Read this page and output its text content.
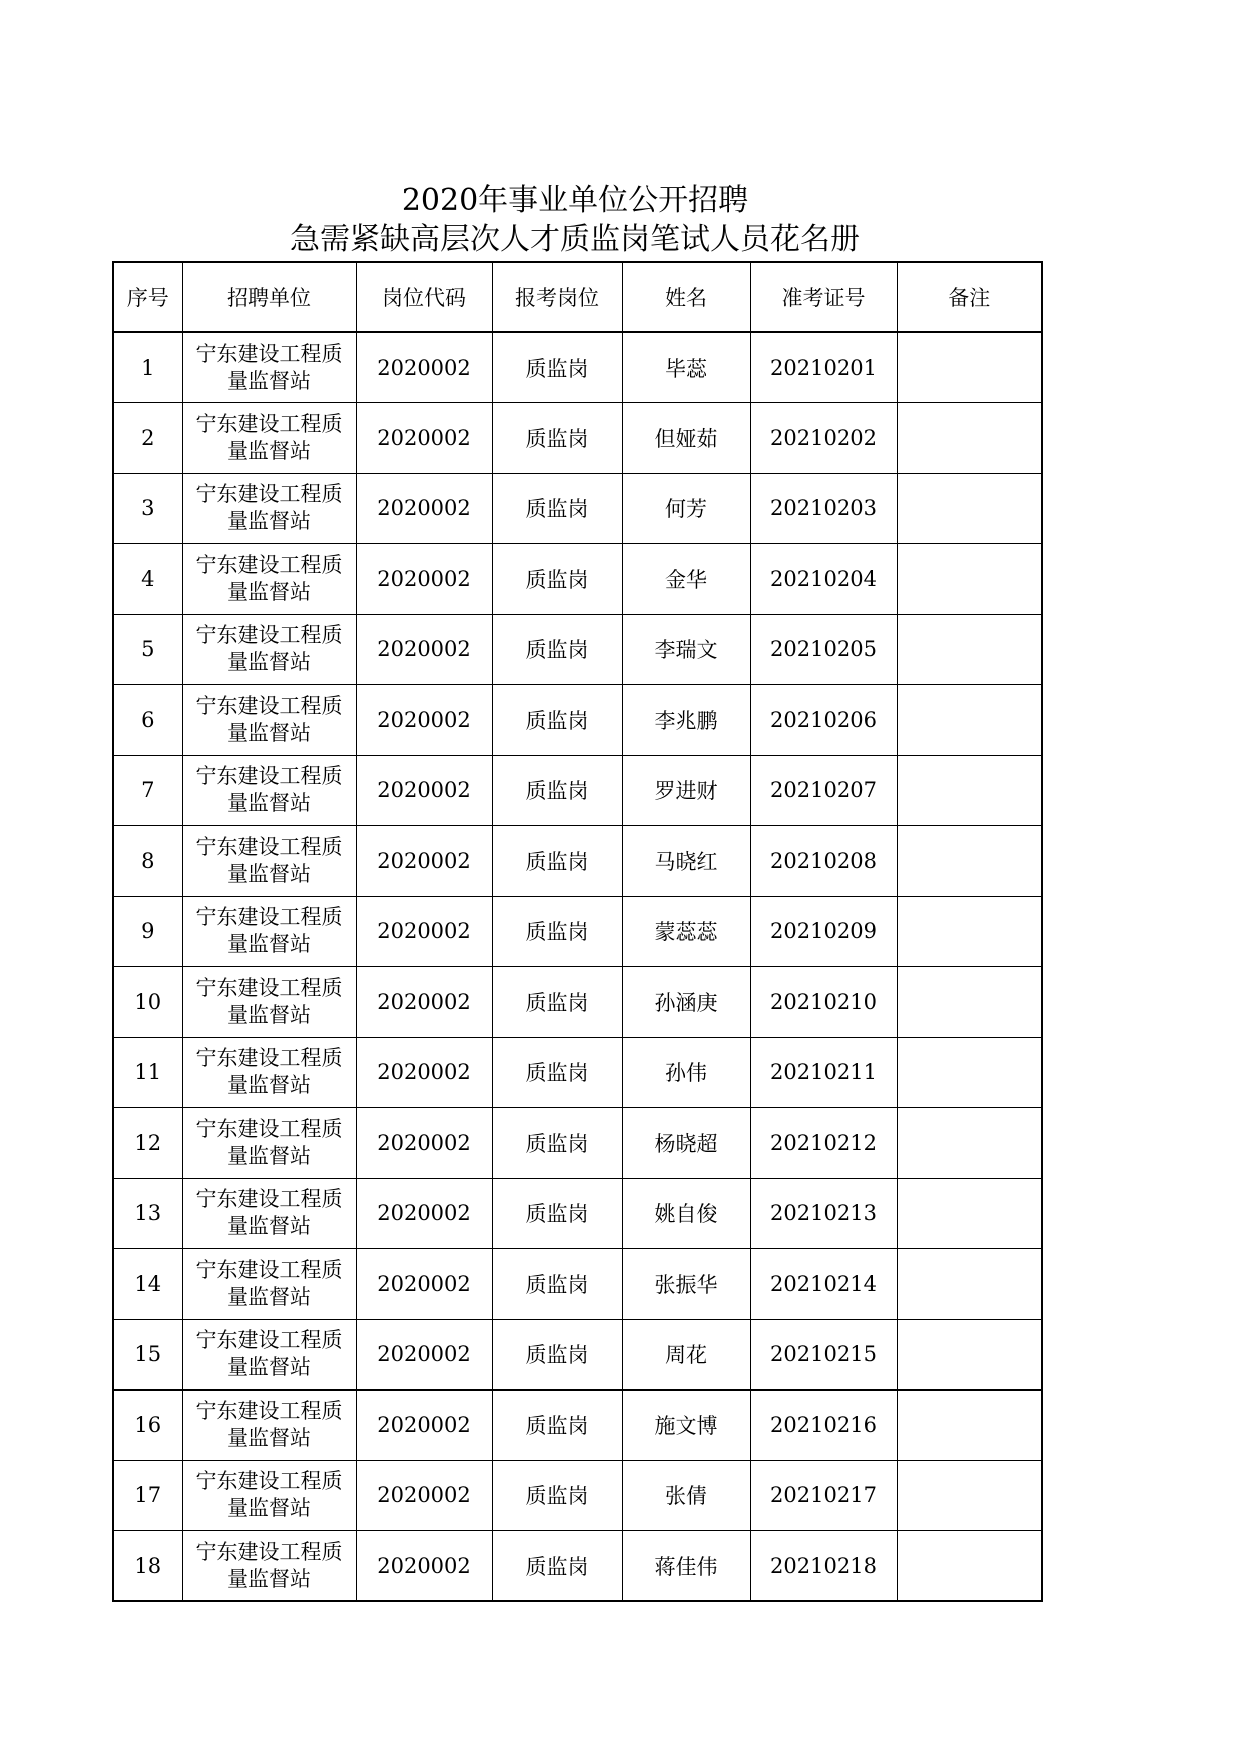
2020年事业单位公开招聘
急需紧缺高层次人才质监岗笔试人员花名册
序号	招聘单位	岗位代码	报考岗位	姓名	准考证号	备注
1	宁东建设工程质
量监督站	2020002	质监岗	毕蕊	20210201	
2	宁东建设工程质
量监督站	2020002	质监岗	但娅茹	20210202	
3	宁东建设工程质
量监督站	2020002	质监岗	何芳	20210203	
4	宁东建设工程质
量监督站	2020002	质监岗	金华	20210204	
5	宁东建设工程质
量监督站	2020002	质监岗	李瑞文	20210205	
6	宁东建设工程质
量监督站	2020002	质监岗	李兆鹏	20210206	
7	宁东建设工程质
量监督站	2020002	质监岗	罗进财	20210207	
8	宁东建设工程质
量监督站	2020002	质监岗	马晓红	20210208	
9	宁东建设工程质
量监督站	2020002	质监岗	蒙蕊蕊	20210209	
10	宁东建设工程质
量监督站	2020002	质监岗	孙涵庚	20210210	
11	宁东建设工程质
量监督站	2020002	质监岗	孙伟	20210211	
12	宁东建设工程质
量监督站	2020002	质监岗	杨晓超	20210212	
13	宁东建设工程质
量监督站	2020002	质监岗	姚自俊	20210213	
14	宁东建设工程质
量监督站	2020002	质监岗	张振华	20210214	
15	宁东建设工程质
量监督站	2020002	质监岗	周花	20210215	
16	宁东建设工程质
量监督站	2020002	质监岗	施文博	20210216	
17	宁东建设工程质
量监督站	2020002	质监岗	张倩	20210217	
18	宁东建设工程质
量监督站	2020002	质监岗	蒋佳伟	20210218	
